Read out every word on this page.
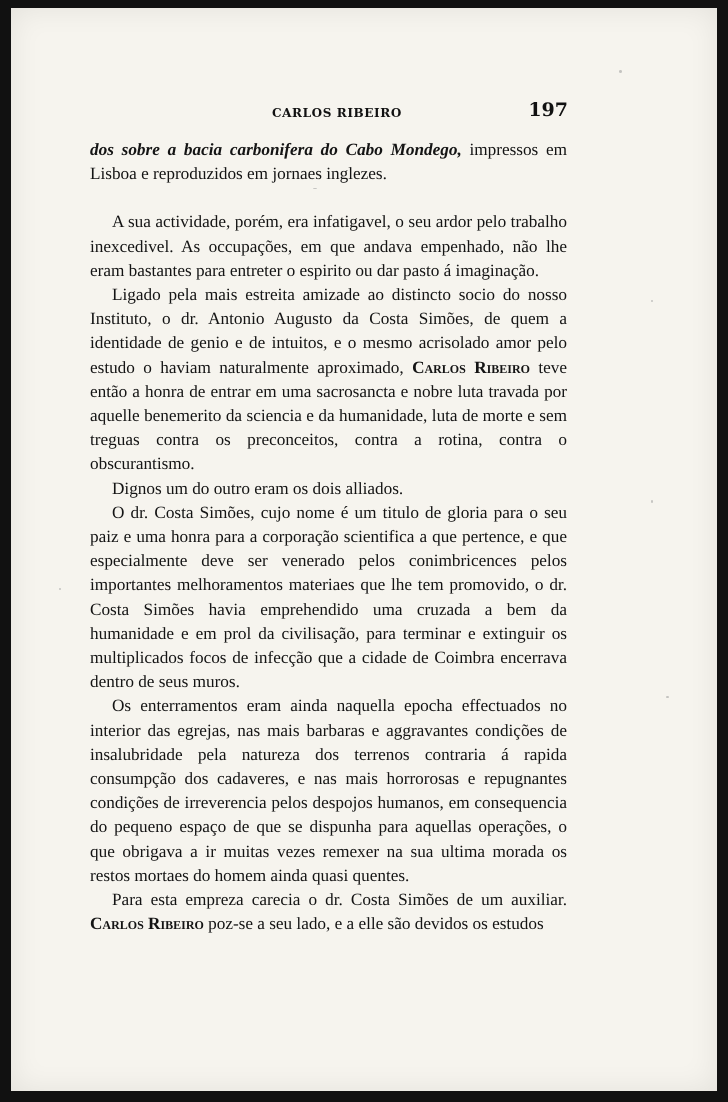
CARLOS RIBEIRO	197

dos sobre a bacia carbonifera do Cabo Mondego, impressos em Lisboa e reproduzidos em jornaes inglezes.

A sua actividade, porém, era infatigavel, o seu ardor pelo trabalho inexcedivel. As occupações, em que andava empenhado, não lhe eram bastantes para entreter o espirito ou dar pasto á imaginação.

Ligado pela mais estreita amizade ao distincto socio do nosso Instituto, o dr. Antonio Augusto da Costa Simões, de quem a identidade de genio e de intuitos, e o mesmo acrisolado amor pelo estudo o haviam naturalmente aproximado, Carlos Ribeiro teve então a honra de entrar em uma sacrosancta e nobre luta travada por aquelle benemerito da sciencia e da humanidade, luta de morte e sem treguas contra os preconceitos, contra a rotina, contra o obscurantismo.

Dignos um do outro eram os dois alliados.

O dr. Costa Simões, cujo nome é um titulo de gloria para o seu paiz e uma honra para a corporação scientifica a que pertence, e que especialmente deve ser venerado pelos conimbricences pelos importantes melhoramentos materiaes que lhe tem promovido, o dr. Costa Simões havia emprehendido uma cruzada a bem da humanidade e em prol da civilisação, para terminar e extinguir os multiplicados focos de infecção que a cidade de Coimbra encerrava dentro de seus muros.

Os enterramentos eram ainda naquella epocha effectuados no interior das egrejas, nas mais barbaras e aggravantes condições de insalubridade pela natureza dos terrenos contraria á rapida consumpção dos cadaveres, e nas mais horrorosas e repugnantes condições de irreverencia pelos despojos humanos, em consequencia do pequeno espaço de que se dispunha para aquellas operações, o que obrigava a ir muitas vezes remexer na sua ultima morada os restos mortaes do homem ainda quasi quentes.

Para esta empreza carecia o dr. Costa Simões de um auxiliar. Carlos Ribeiro poz-se a seu lado, e a elle são devidos os estudos
